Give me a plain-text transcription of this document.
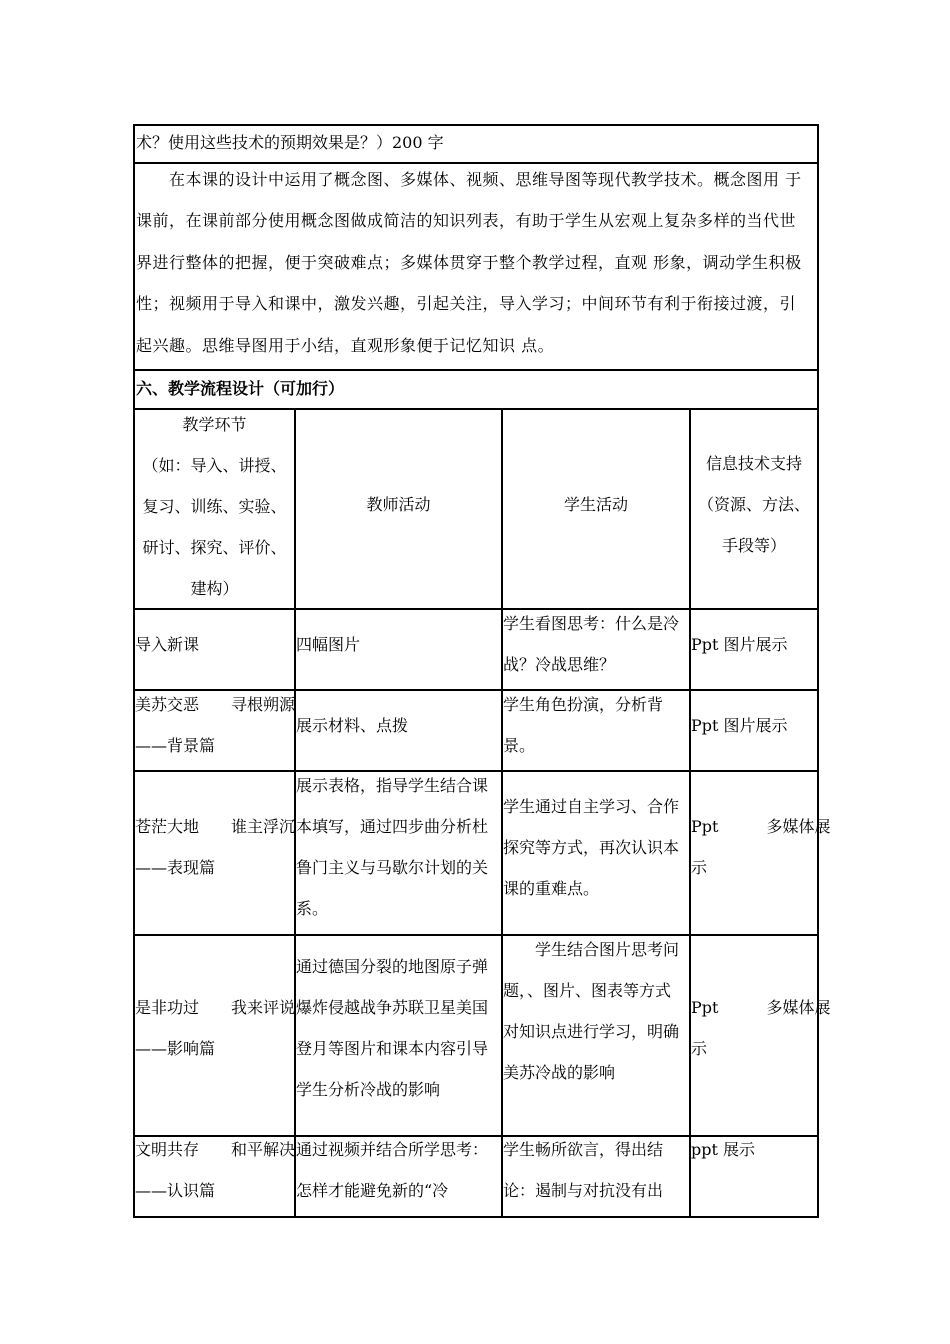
术？使用这些技术的预期效果是？）200 字
　　在本课的设计中运用了概念图、多媒体、视频、思维导图等现代教学技术。概念图用 于
课前，在课前部分使用概念图做成简洁的知识列表，有助于学生从宏观上复杂多样的当代世
界进行整体的把握，便于突破难点；多媒体贯穿于整个教学过程，直观 形象，调动学生积极
性；视频用于导入和课中，激发兴趣，引起关注，导入学习；中间环节有利于衔接过渡，引
起兴趣。思维导图用于小结，直观形象便于记忆知识 点。
六、教学流程设计（可加行）
教学环节
（如：导入、讲授、
复习、训练、实验、
研讨、探究、评价、
建构）
教师活动	学生活动
信息技术支持
（资源、方法、
手段等）
导入新课	四幅图片
学生看图思考：什么是冷
战？冷战思维？
Ppt 图片展示
美苏交恶　　寻根朔源
——背景篇
展示材料、点拨
学生角色扮演，分析背
景。
Ppt 图片展示
苍茫大地　　谁主浮沉
——表现篇
展示表格，指导学生结合课
本填写，通过四步曲分析杜
鲁门主义与马歇尔计划的关
系。
学生通过自主学习、合作
探究等方式，再次认识本
课的重难点。
Ppt　　　多媒体展
示
是非功过　　我来评说
——影响篇
通过德国分裂的地图原子弹
爆炸侵越战争苏联卫星美国
登月等图片和课本内容引导
学生分析冷战的影响
　　学生结合图片思考问
题，、图片、图表等方式
对知识点进行学习，明确
美苏冷战的影响
Ppt　　　多媒体展
示
文明共存　　和平解决
——认识篇
通过视频并结合所学思考：
怎样才能避免新的“冷
学生畅所欲言，得出结
论：遏制与对抗没有出
ppt 展示
